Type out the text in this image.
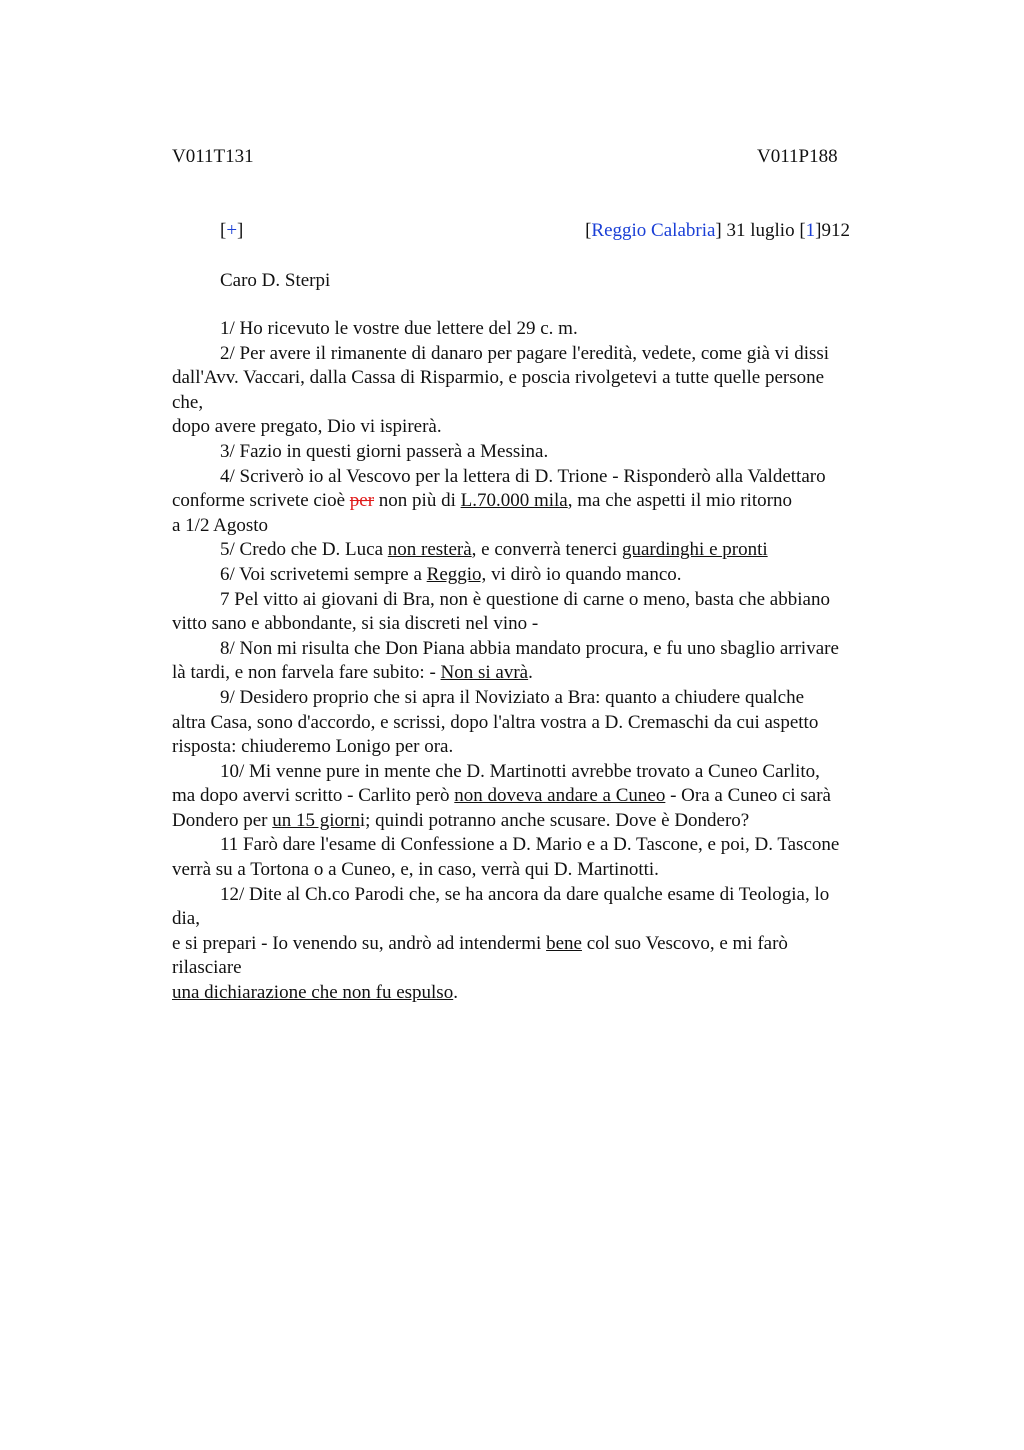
V011T131	V011P188
[+]	[Reggio Calabria] 31 luglio [1]912
Caro D. Sterpi

1/ Ho ricevuto le vostre due lettere del 29 c. m.

2/ Per avere il rimanente di danaro per pagare l'eredità, vedete, come già vi dissi
dall'Avv. Vaccari, dalla Cassa di Risparmio, e poscia rivolgetevi a tutte quelle persone
che,

dopo avere pregato, Dio vi ispirerà.

3/ Fazio in questi giorni passerà a Messina.

4/ Scriverò io al Vescovo per la lettera di D. Trione - Risponderò alla Valdettaro
conforme scrivete cioè per non più di L.70.000 mila, ma che aspetti il mio ritorno
a 1/2 Agosto

5/ Credo che D. Luca non resterà, e converrà tenerci guardinghi e pronti

6/ Voi scrivetemi sempre a Reggio, vi dirò io quando manco.

7 Pel vitto ai giovani di Bra, non è questione di carne o meno, basta che abbiano
vitto sano e abbondante, si sia discreti nel vino -

8/ Non mi risulta che Don Piana abbia mandato procura, e fu uno sbaglio arrivare
là tardi, e non farvela fare subito: - Non si avrà.

9/ Desidero proprio che si apra il Noviziato a Bra: quanto a chiudere qualche
altra Casa, sono d'accordo, e scrissi, dopo l'altra vostra a D. Cremaschi da cui aspetto
risposta: chiuderemo Lonigo per ora.

10/ Mi venne pure in mente che D. Martinotti avrebbe trovato a Cuneo Carlito,
ma dopo avervi scritto - Carlito però non doveva andare a Cuneo - Ora a Cuneo ci sarà
Dondero per un 15 giorni; quindi potranno anche scusare. Dove è Dondero?

11 Farò dare l'esame di Confessione a D. Mario e a D. Tascone, e poi, D. Tascone
verrà su a Tortona o a Cuneo, e, in caso, verrà qui D. Martinotti.

12/ Dite al Ch.co Parodi che, se ha ancora da dare qualche esame di Teologia, lo
dia,

e si prepari - Io venendo su, andrò ad intendermi bene col suo Vescovo, e mi farò
rilasciare

una dichiarazione che non fu espulso.
